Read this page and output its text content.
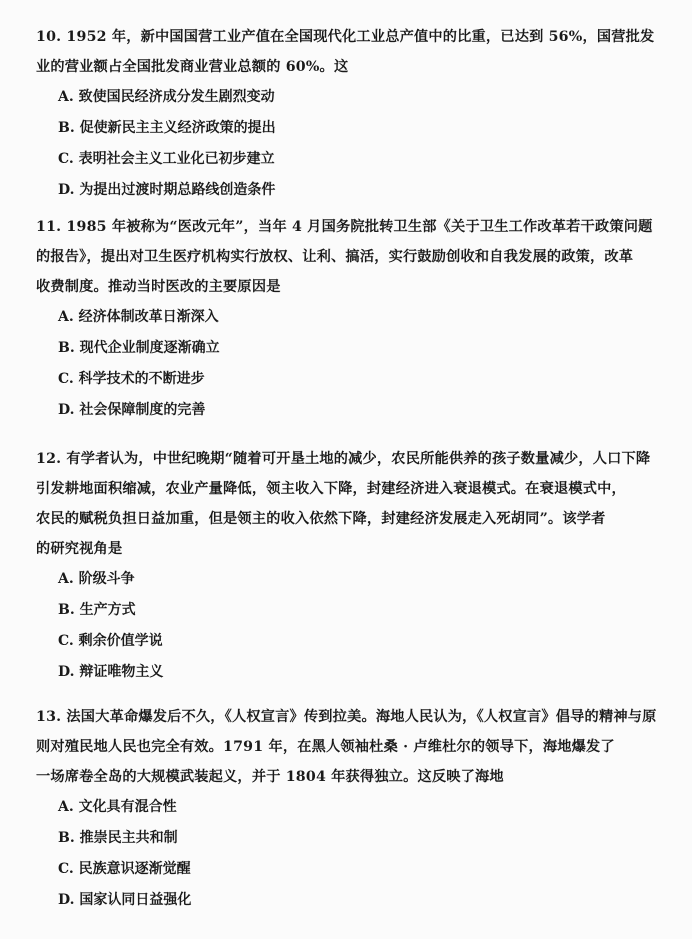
10. 1952 年，新中国国营工业产值在全国现代化工业总产值中的比重，已达到 56%，国营批发
业的营业额占全国批发商业营业总额的 60%。这
A. 致使国民经济成分发生剧烈变动
B. 促使新民主主义经济政策的提出
C. 表明社会主义工业化已初步建立
D. 为提出过渡时期总路线创造条件
11. 1985 年被称为“医改元年”，当年 4 月国务院批转卫生部《关于卫生工作改革若干政策问题
的报告》，提出对卫生医疗机构实行放权、让利、搞活，实行鼓励创收和自我发展的政策，改革
收费制度。推动当时医改的主要原因是
A. 经济体制改革日渐深入
B. 现代企业制度逐渐确立
C. 科学技术的不断进步
D. 社会保障制度的完善
12. 有学者认为，中世纪晚期“随着可开垦土地的减少，农民所能供养的孩子数量减少，人口下降
引发耕地面积缩减，农业产量降低，领主收入下降，封建经济进入衰退模式。在衰退模式中，
农民的赋税负担日益加重，但是领主的收入依然下降，封建经济发展走入死胡同”。该学者
的研究视角是
A. 阶级斗争
B. 生产方式
C. 剩余价值学说
D. 辩证唯物主义
13. 法国大革命爆发后不久，《人权宣言》传到拉美。海地人民认为，《人权宣言》倡导的精神与原
则对殖民地人民也完全有效。1791 年，在黑人领袖杜桑 · 卢维杜尔的领导下，海地爆发了
一场席卷全岛的大规模武装起义，并于 1804 年获得独立。这反映了海地
A. 文化具有混合性
B. 推崇民主共和制
C. 民族意识逐渐觉醒
D. 国家认同日益强化
